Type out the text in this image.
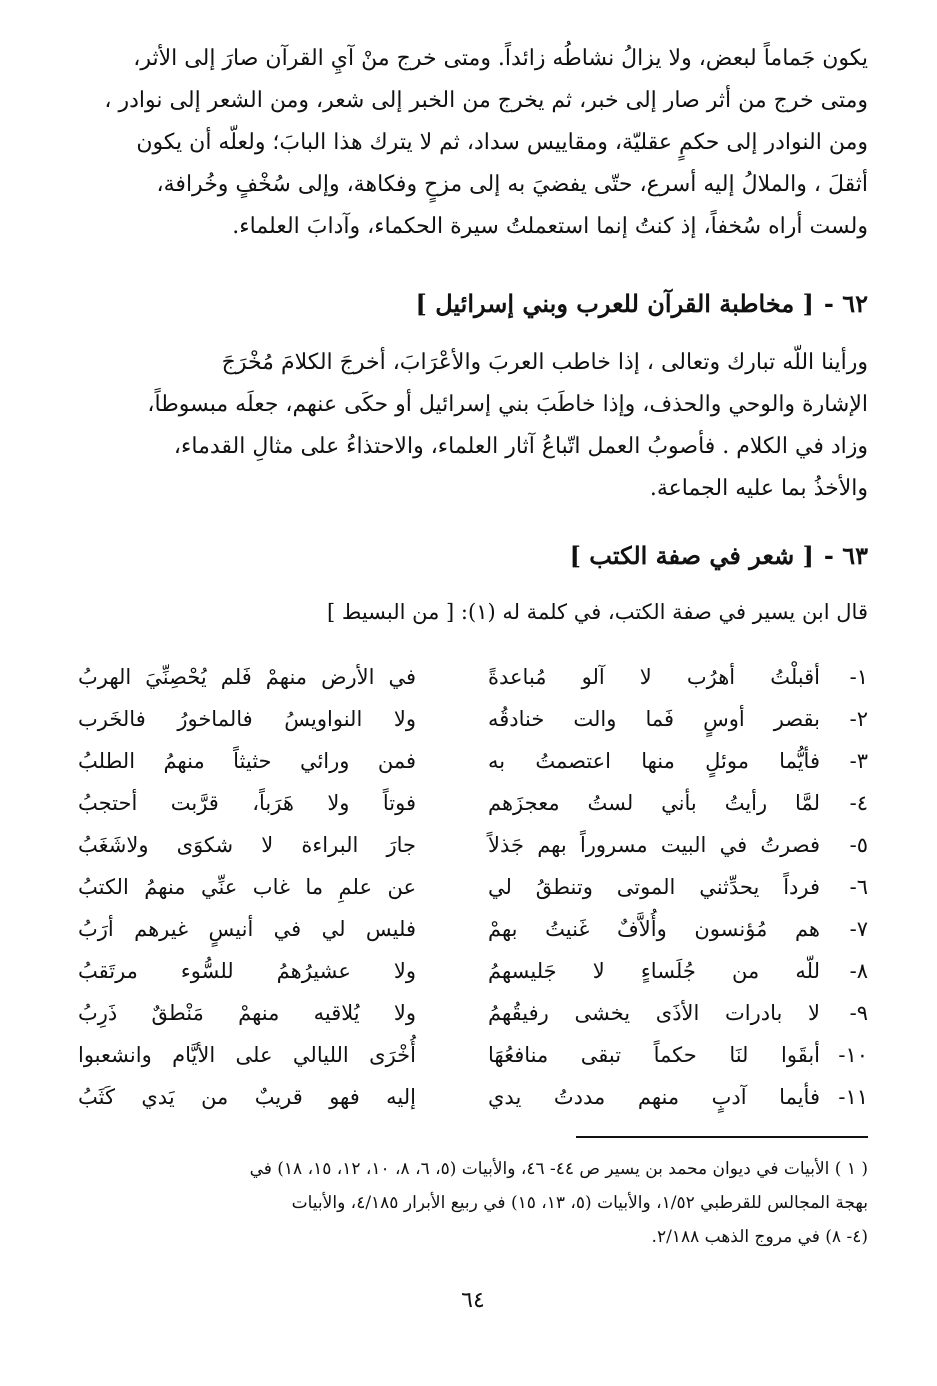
يكون جَماماً لبعض، ولا يزالُ نشاطُه زائداً. ومتى خرج منْ آيِ القرآن صارَ إلى الأثر،

ومتى خرج من أثر صار إلى خبر، ثم يخرج من الخبر إلى شعر، ومن الشعر إلى نوادر ،

ومن النوادر إلى حكمٍ عقليّة، ومقاييس سداد، ثم لا يترك هذا البابَ؛ ولعلّه أن يكون

أثقلَ ، والملالُ إليه أسرع، حتّى يفضيَ به إلى مزحٍ وفكاهة، وإلى سُخْفٍ وخُرافة،

ولست أراه سُخفاً، إذ كنتُ إنما استعملتُ سيرة الحكماء، وآدابَ العلماء.

٦٢ -[ مخاطبة القرآن للعرب وبني إسرائيل ]

ورأينا اللّه تبارك وتعالى ، إذا خاطب العربَ والأعْرَابَ، أخرجَ الكلامَ مُخْرَجَ

الإشارة والوحي والحذف، وإذا خاطَبَ بني إسرائيل أو حكَى عنهم، جعلَه مبسوطاً،

وزاد في الكلام . فأصوبُ العمل اتّباعُ آثار العلماء، والاحتذاءُ على مثالِ القدماء،

والأخذُ بما عليه الجماعة.

٦٣ -[ شعر في صفة الكتب ]
قال ابن يسير في صفة الكتب، في كلمة له (١): [ من البسيط ]
١-
أقبلْتُ أهرُب لا آلو مُباعدةً
في الأرض منهمْ فَلم يُحْصِنِّيَ الهربُ
٢-
بقصر أوسٍ فَما والت خنادقُه
ولا النواويسُ فالماخورُ فالخَرب
٣-
فأيُّما موئلٍ منها اعتصمتُ به
فمن ورائي حثيثاً منهمُ الطلبُ
٤-
لمَّا رأيتُ بأني لستُ معجزَهم
فوتاً ولا هَرَباً، قرَّبت أحتجبُ
٥-
فصرتُ في البيت مسروراً بهم جَذلاً
جارَ البراءة لا شكوَى ولاشَغَبُ
٦-
فرداً يحدِّثني الموتى وتنطقُ لي
عن علمِ ما غاب عنِّي منهمُ الكتبُ
٧-
هم مُؤنسون وأُلاَّفٌ غَنيتُ بهمْ
فليس لي في أنيسٍ غيرهم أرَبُ
٨-
للّه من جُلَساءٍ لا جَليسهمُ
ولا عشيرُهمُ للسُّوء مرتَقبُ
٩-
لا بادرات الأذَى يخشى رفيقُهمُ
ولا يُلاقيه منهمْ مَنْطقٌ ذَرِبُ
١٠-
أبقَوا لنَا حكماً تبقى منافعُهَا
أُخْرَى الليالي على الأيَّام وانشعبوا
١١-
فأيما آدبٍ منهم مددتُ يدي
إليه فهو قريبٌ من يَدي كَثَبُ

( ١ ) الأبيات في ديوان محمد بن يسير ص ٤٤- ٤٦، والأبيات (٥، ٦، ٨، ١٠، ١٢، ١٥، ١٨) في

بهجة المجالس للقرطبي ١/٥٢، والأبيات (٥، ١٣، ١٥) في ربيع الأبرار ٤/١٨٥، والأبيات

(٤- ٨) في مروج الذهب ٢/١٨٨.

٦٤
